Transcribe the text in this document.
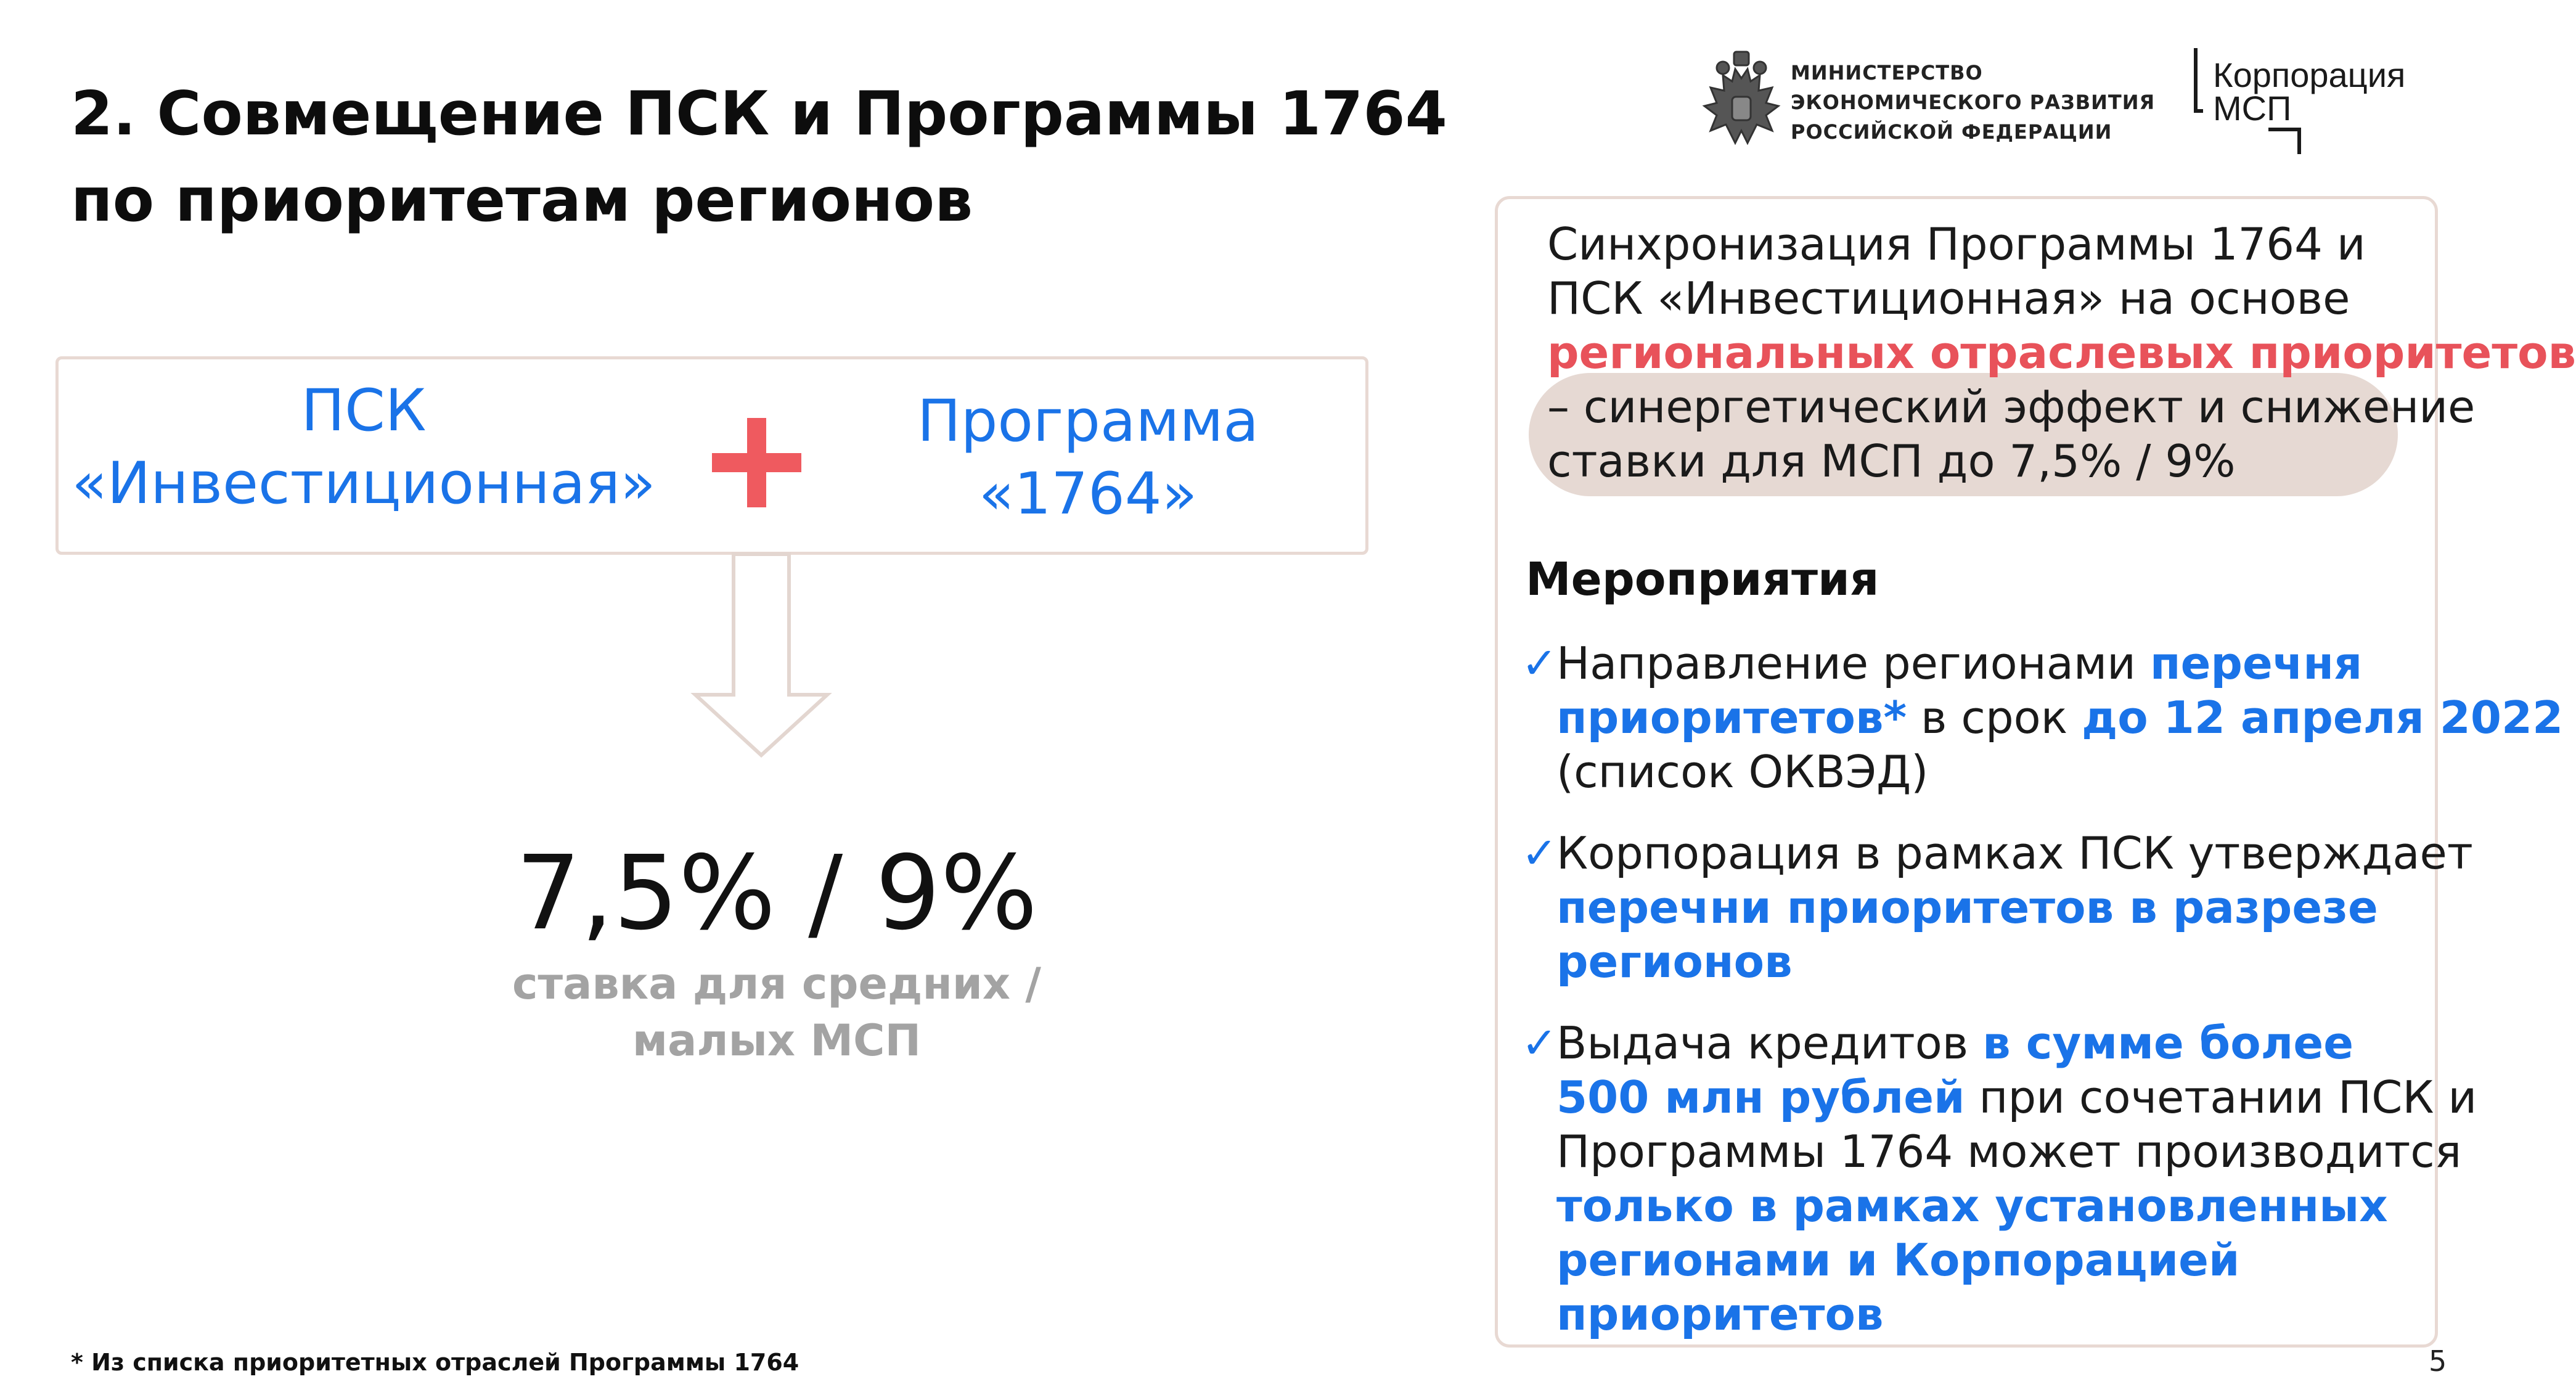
2. Совмещение ПСК и Программы 1764
по приоритетам регионов
МИНИСТЕРСТВО
ЭКОНОМИЧЕСКОГО РАЗВИТИЯ
РОССИЙСКОЙ ФЕДЕРАЦИИ
Корпорация
МСП
ПСК
«Инвестиционная»
Программа
«1764»
7,5% / 9%
ставка для средних /
малых МСП
Синхронизация Программы 1764 и
ПСК «Инвестиционная» на основе
региональных отраслевых приоритетов
– синергетический эффект и снижение
ставки для МСП до 7,5% / 9%
Мероприятия
✓
Направление регионами перечня
приоритетов* в срок до 12 апреля 2022
(список ОКВЭД)
✓
Корпорация в рамках ПСК утверждает
перечни приоритетов в разрезе
регионов
✓
Выдача кредитов в сумме более
500 млн рублей при сочетании ПСК и
Программы 1764 может производится
только в рамках установленных
регионами и Корпорацией
приоритетов
* Из списка приоритетных отраслей Программы 1764	5
